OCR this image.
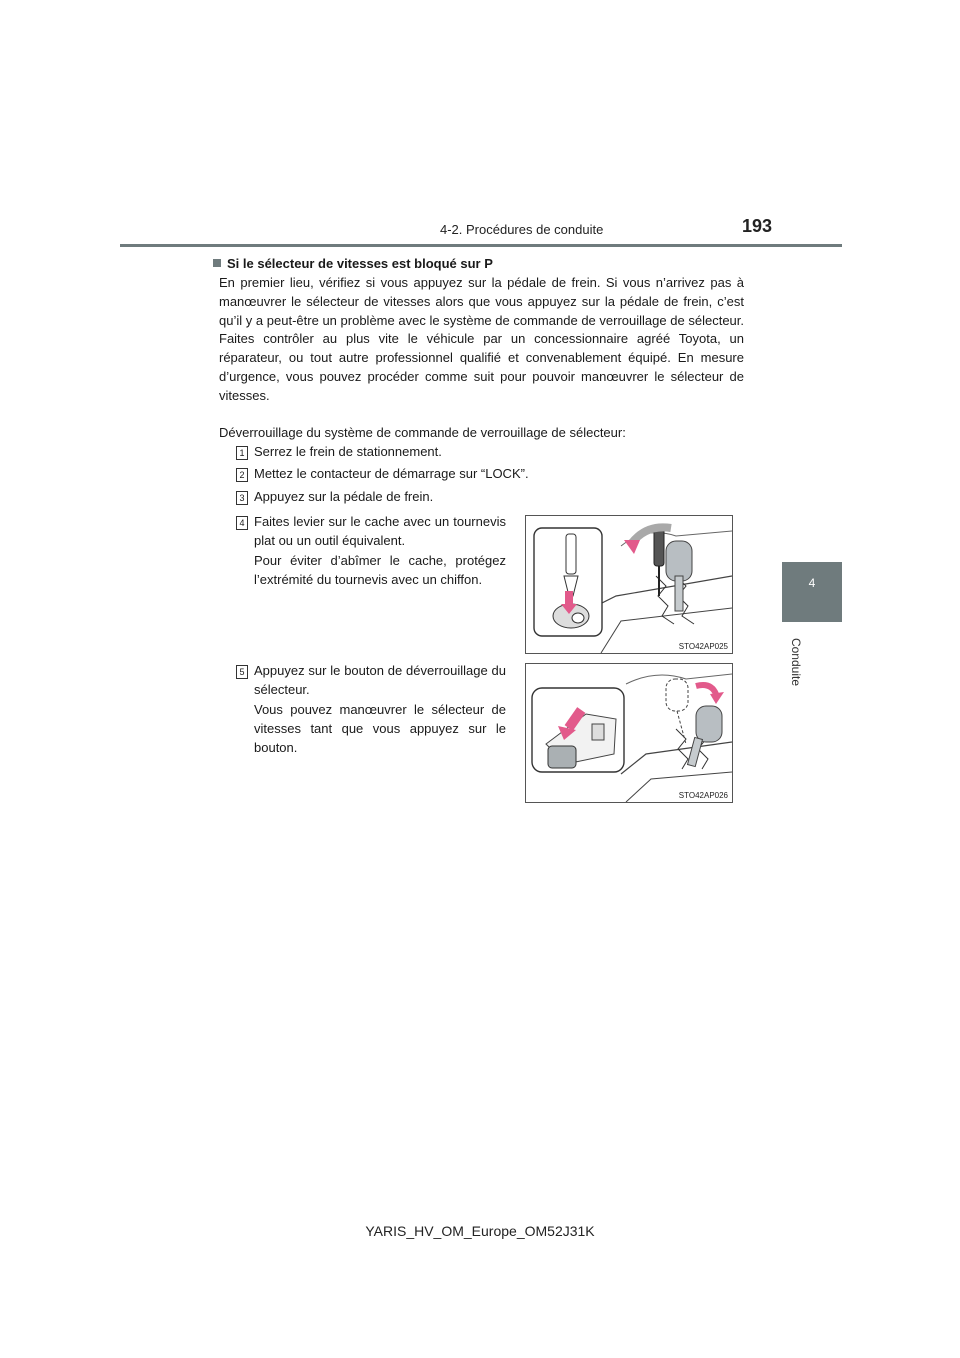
4-2. Procédures de conduite	193
4
Conduite
Si le sélecteur de vitesses est bloqué sur P
En premier lieu, vérifiez si vous appuyez sur la pédale de frein. Si vous n’arrivez pas à manœuvrer le sélecteur de vitesses alors que vous appuyez sur la pédale de frein, c’est qu’il y a peut-être un problème avec le système de commande de verrouillage de sélecteur. Faites contrôler au plus vite le véhicule par un concessionnaire agréé Toyota, un réparateur, ou tout autre professionnel qualifié et convenablement équipé. En mesure d’urgence, vous pouvez procéder comme suit pour pouvoir manœuvrer le sélecteur de vitesses.
Déverrouillage du système de commande de verrouillage de sélecteur:
1 Serrez le frein de stationnement.
2 Mettez le contacteur de démarrage sur “LOCK”.
3 Appuyez sur la pédale de frein.
4 Faites levier sur le cache avec un tournevis plat ou un outil équivalent.
Pour éviter d’abîmer le cache, protégez l’extrémité du tournevis avec un chiffon.
STO42AP025
5 Appuyez sur le bouton de déverrouillage du sélecteur.
Vous pouvez manœuvrer le sélecteur de vitesses tant que vous appuyez sur le bouton.
STO42AP026
YARIS_HV_OM_Europe_OM52J31K
